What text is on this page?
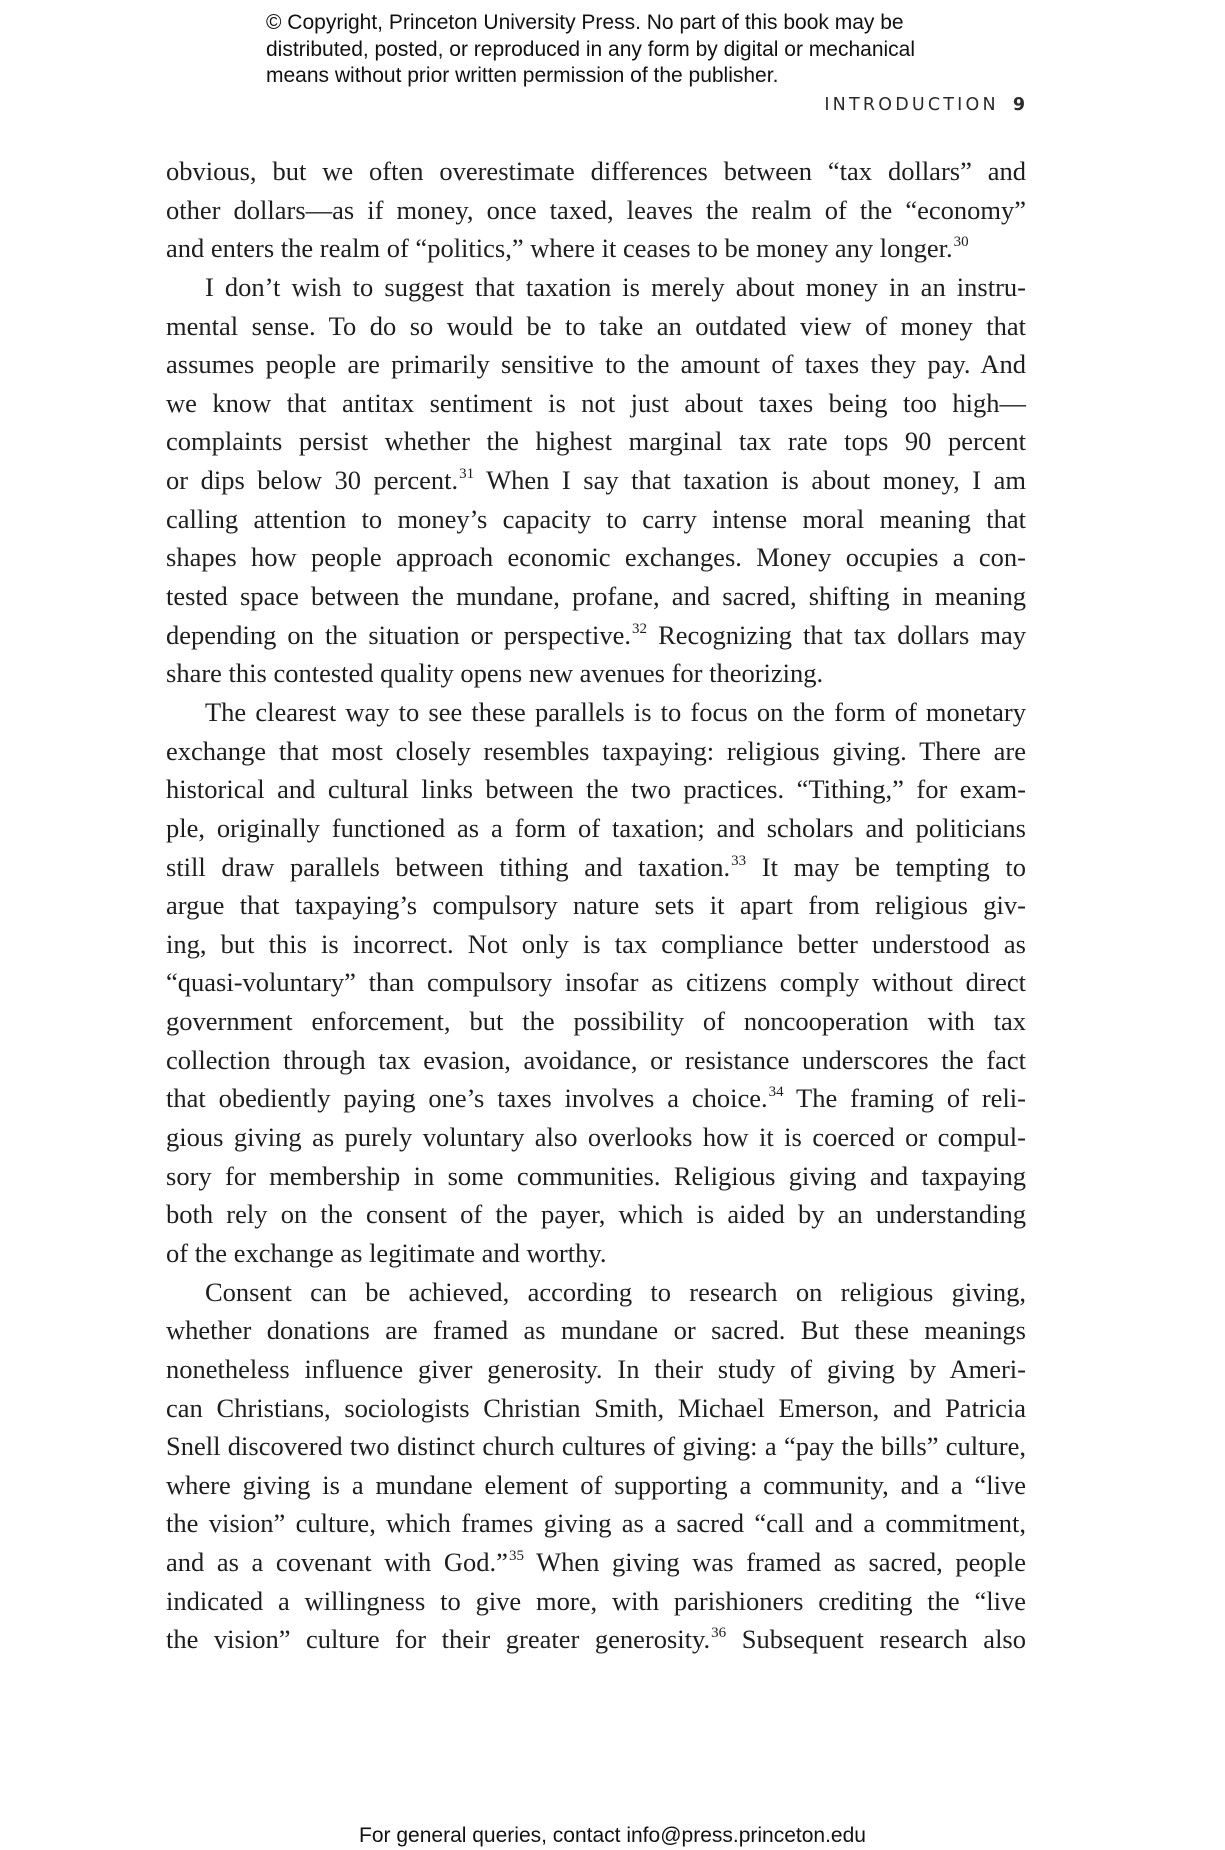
© Copyright, Princeton University Press. No part of this book may be
distributed, posted, or reproduced in any form by digital or mechanical
means without prior written permission of the publisher.
INTRODUCTION 9
obvious, but we often overestimate differences between “tax dollars” and
other dollars—as if money, once taxed, leaves the realm of the “economy”
and enters the realm of “politics,” where it ceases to be money any longer.$^{30}$
I don’t wish to suggest that taxation is merely about money in an instru-
mental sense. To do so would be to take an outdated view of money that
assumes people are primarily sensitive to the amount of taxes they pay. And
we know that antitax sentiment is not just about taxes being too high—
complaints persist whether the highest marginal tax rate tops 90 percent
or dips below 30 percent.$^{31}$ When I say that taxation is about money, I am
calling attention to money’s capacity to carry intense moral meaning that
shapes how people approach economic exchanges. Money occupies a con-
tested space between the mundane, profane, and sacred, shifting in meaning
depending on the situation or perspective.$^{32}$ Recognizing that tax dollars may
share this contested quality opens new avenues for theorizing.
The clearest way to see these parallels is to focus on the form of monetary
exchange that most closely resembles taxpaying: religious giving. There are
historical and cultural links between the two practices. “Tithing,” for exam-
ple, originally functioned as a form of taxation; and scholars and politicians
still draw parallels between tithing and taxation.$^{33}$ It may be tempting to
argue that taxpaying’s compulsory nature sets it apart from religious giv-
ing, but this is incorrect. Not only is tax compliance better understood as
“quasi-voluntary” than compulsory insofar as citizens comply without direct
government enforcement, but the possibility of noncooperation with tax
collection through tax evasion, avoidance, or resistance underscores the fact
that obediently paying one’s taxes involves a choice.$^{34}$ The framing of reli-
gious giving as purely voluntary also overlooks how it is coerced or compul-
sory for membership in some communities. Religious giving and taxpaying
both rely on the consent of the payer, which is aided by an understanding
of the exchange as legitimate and worthy.
Consent can be achieved, according to research on religious giving,
whether donations are framed as mundane or sacred. But these meanings
nonetheless influence giver generosity. In their study of giving by Ameri-
can Christians, sociologists Christian Smith, Michael Emerson, and Patricia
Snell discovered two distinct church cultures of giving: a “pay the bills” culture,
where giving is a mundane element of supporting a community, and a “live
the vision” culture, which frames giving as a sacred “call and a commitment,
and as a covenant with God.”$^{35}$ When giving was framed as sacred, people
indicated a willingness to give more, with parishioners crediting the “live
the vision” culture for their greater generosity.$^{36}$ Subsequent research also
For general queries, contact info@press.princeton.edu
